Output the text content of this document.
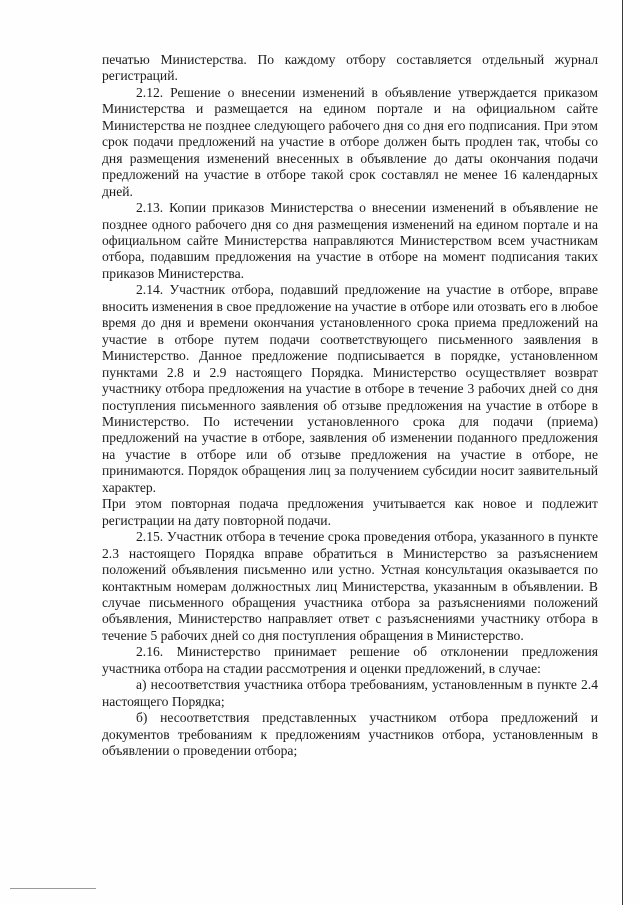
печатью Министерства. По каждому отбору составляется отдельный журнал регистраций.

2.12. Решение о внесении изменений в объявление утверждается приказом Министерства и размещается на едином портале и на официальном сайте Министерства не позднее следующего рабочего дня со дня его подписания. При этом срок подачи предложений на участие в отборе должен быть продлен так, чтобы со дня размещения изменений внесенных в объявление до даты окончания подачи предложений на участие в отборе такой срок составлял не менее 16 календарных дней.

2.13. Копии приказов Министерства о внесении изменений в объявление не позднее одного рабочего дня со дня размещения изменений на едином портале и на официальном сайте Министерства направляются Министерством всем участникам отбора, подавшим предложения на участие в отборе на момент подписания таких приказов Министерства.

2.14. Участник отбора, подавший предложение на участие в отборе, вправе вносить изменения в свое предложение на участие в отборе или отозвать его в любое время до дня и времени окончания установленного срока приема предложений на участие в отборе путем подачи соответствующего письменного заявления в Министерство. Данное предложение подписывается в порядке, установленном пунктами 2.8 и 2.9 настоящего Порядка. Министерство осуществляет возврат участнику отбора предложения на участие в отборе в течение 3 рабочих дней со дня поступления письменного заявления об отзыве предложения на участие в отборе в Министерство. По истечении установленного срока для подачи (приема) предложений на участие в отборе, заявления об изменении поданного предложения на участие в отборе или об отзыве предложения на участие в отборе, не принимаются. Порядок обращения лиц за получением субсидии носит заявительный характер.

При этом повторная подача предложения учитывается как новое и подлежит регистрации на дату повторной подачи.

2.15. Участник отбора в течение срока проведения отбора, указанного в пункте 2.3 настоящего Порядка вправе обратиться в Министерство за разъяснением положений объявления письменно или устно. Устная консультация оказывается по контактным номерам должностных лиц Министерства, указанным в объявлении. В случае письменного обращения участника отбора за разъяснениями положений объявления, Министерство направляет ответ с разъяснениями участнику отбора в течение 5 рабочих дней со дня поступления обращения в Министерство.

2.16. Министерство принимает решение об отклонении предложения участника отбора на стадии рассмотрения и оценки предложений, в случае:

а) несоответствия участника отбора требованиям, установленным в пункте 2.4 настоящего Порядка;

б) несоответствия представленных участником отбора предложений и документов требованиям к предложениям участников отбора, установленным в объявлении о проведении отбора;
